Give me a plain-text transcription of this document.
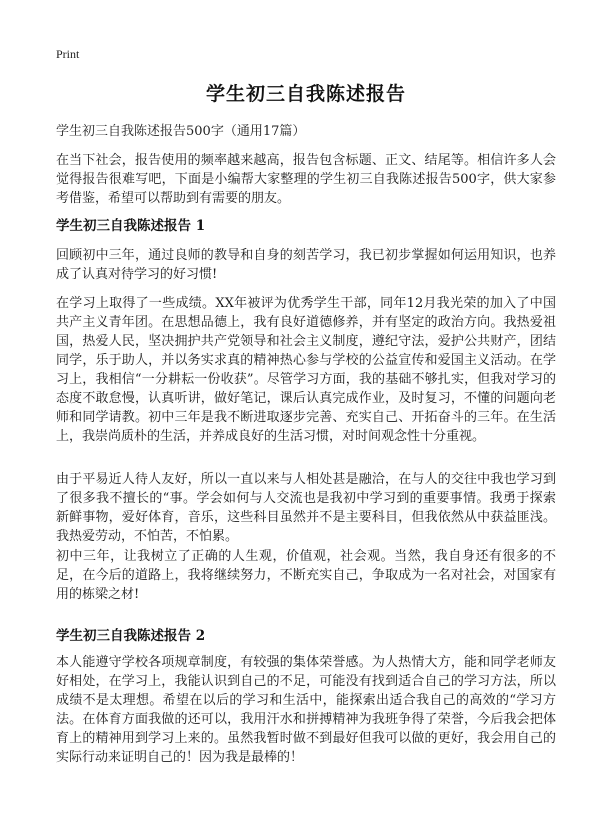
Print
学生初三自我陈述报告

学生初三自我陈述报告500字（通用17篇）

在当下社会，报告使用的频率越来越高，报告包含标题、正文、结尾等。相信许多人会觉得报告很难写吧，下面是小编帮大家整理的学生初三自我陈述报告500字，供大家参考借鉴，希望可以帮助到有需要的朋友。

学生初三自我陈述报告 1

回顾初中三年，通过良师的教导和自身的刻苦学习，我已初步掌握如何运用知识，也养成了认真对待学习的好习惯!

在学习上取得了一些成绩。XX年被评为优秀学生干部，同年12月我光荣的加入了中国共产主义青年团。在思想品德上，我有良好道德修养，并有坚定的政治方向。我热爱祖国，热爱人民，坚决拥护共产党领导和社会主义制度，遵纪守法，爱护公共财产，团结同学，乐于助人，并以务实求真的精神热心参与学校的公益宣传和爱国主义活动。在学习上，我相信“一分耕耘一份收获”。尽管学习方面，我的基础不够扎实，但我对学习的态度不敢怠慢，认真听讲，做好笔记，课后认真完成作业，及时复习，不懂的问题向老师和同学请教。初中三年是我不断进取逐步完善、充实自己、开拓奋斗的三年。在生活上，我崇尚质朴的生活，并养成良好的生活习惯，对时间观念性十分重视。

由于平易近人待人友好，所以一直以来与人相处甚是融洽，在与人的交往中我也学习到了很多我不擅长的“事。学会如何与人交流也是我初中学习到的重要事情。我勇于探索新鲜事物，爱好体育，音乐，这些科目虽然并不是主要科目，但我依然从中获益匪浅。我热爱劳动，不怕苦，不怕累。

初中三年，让我树立了正确的人生观，价值观，社会观。当然，我自身还有很多的不足，在今后的道路上，我将继续努力，不断充实自己，争取成为一名对社会，对国家有用的栋梁之材!

学生初三自我陈述报告 2

本人能遵守学校各项规章制度，有较强的集体荣誉感。为人热情大方，能和同学老师友好相处，在学习上，我能认识到自己的不足，可能没有找到适合自己的学习方法，所以成绩不是太理想。希望在以后的学习和生活中，能探索出适合我自己的高效的“学习方法。在体育方面我做的还可以，我用汗水和拼搏精神为我班争得了荣誉，今后我会把体育上的精神用到学习上来的。虽然我暂时做不到最好但我可以做的更好，我会用自己的实际行动来证明自己的！因为我是最棒的！
